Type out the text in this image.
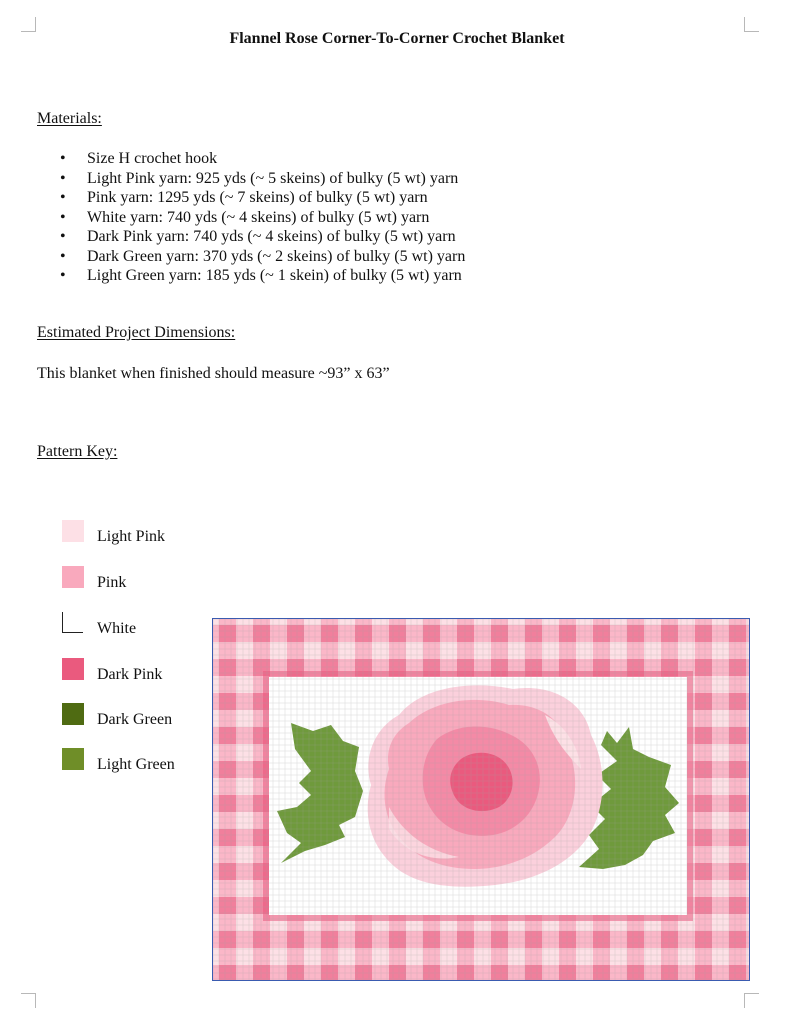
Flannel Rose Corner-To-Corner Crochet Blanket
Materials:
• Size H crochet hook
• Light Pink yarn: 925 yds (~ 5 skeins) of bulky (5 wt) yarn
• Pink yarn: 1295 yds (~ 7 skeins) of bulky (5 wt) yarn
• White yarn: 740 yds (~ 4 skeins) of bulky (5 wt) yarn
• Dark Pink yarn: 740 yds (~ 4 skeins) of bulky (5 wt) yarn
• Dark Green yarn: 370 yds (~ 2 skeins) of bulky (5 wt) yarn
• Light Green yarn: 185 yds (~ 1 skein) of bulky (5 wt) yarn
Estimated Project Dimensions:
This blanket when finished should measure ~93” x 63”
Pattern Key:
Light Pink
Pink
White
Dark Pink
Dark Green
Light Green
